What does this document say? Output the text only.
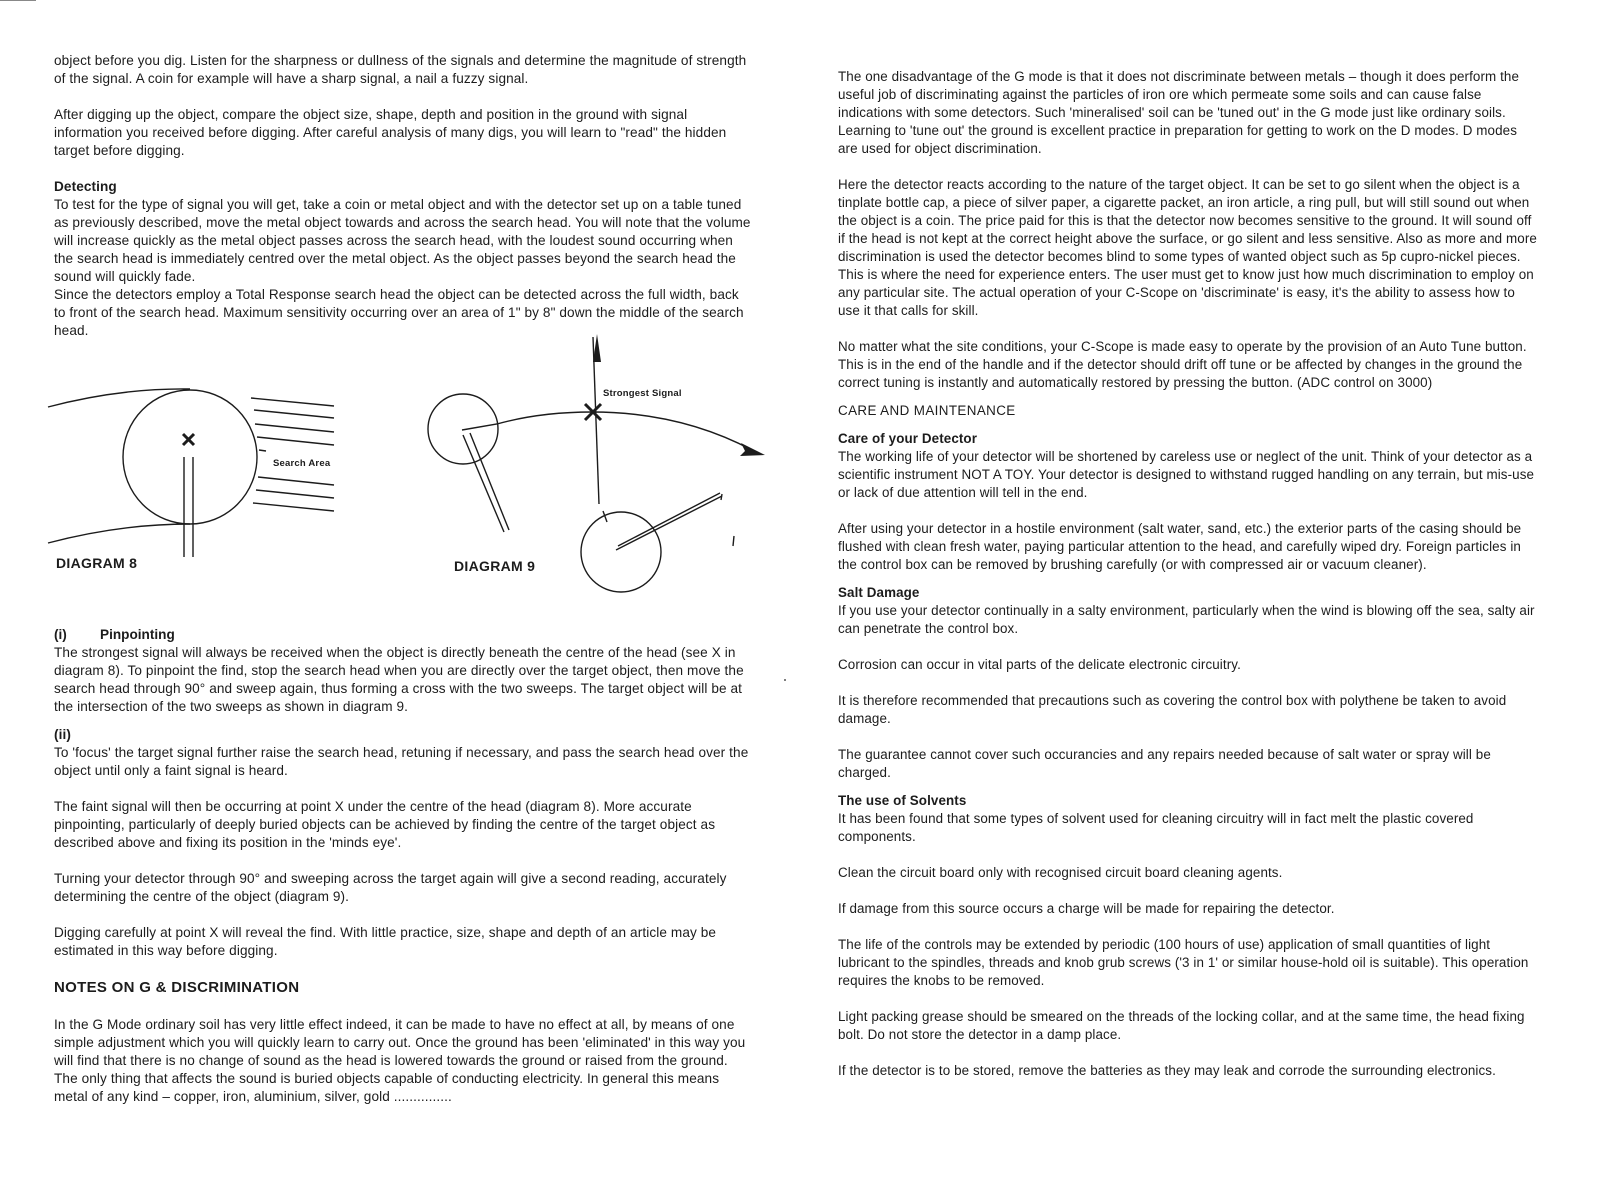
object before you dig. Listen for the sharpness or dullness of the signals and determine the magnitude of strength of the signal. A coin for example will have a sharp signal, a nail a fuzzy signal.

After digging up the object, compare the object size, shape, depth and position in the ground with signal information you received before digging. After careful analysis of many digs, you will learn to "read" the hidden target before digging.

Detecting

To test for the type of signal you will get, take a coin or metal object and with the detector set up on a table tuned as previously described, move the metal object towards and across the search head. You will note that the volume will increase quickly as the metal object passes across the search head, with the loudest sound occurring when the search head is immediately centred over the metal object. As the object passes beyond the search head the sound will quickly fade.

Since the detectors employ a Total Response search head the object can be detected across the full width, back to front of the search head. Maximum sensitivity occurring over an area of 1" by 8" down the middle of the search head.

Search Area
Strongest Signal
DIAGRAM 8	DIAGRAM 9
(i)	Pinpointing

The strongest signal will always be received when the object is directly beneath the centre of the head (see X in diagram 8). To pinpoint the find, stop the search head when you are directly over the target object, then move the search head through 90° and sweep again, thus forming a cross with the two sweeps. The target object will be at the intersection of the two sweeps as shown in diagram 9.

(ii)

To 'focus' the target signal further raise the search head, retuning if necessary, and pass the search head over the object until only a faint signal is heard.

The faint signal will then be occurring at point X under the centre of the head (diagram 8). More accurate pinpointing, particularly of deeply buried objects can be achieved by finding the centre of the target object as described above and fixing its position in the 'minds eye'.

Turning your detector through 90° and sweeping across the target again will give a second reading, accurately determining the centre of the object (diagram 9).

Digging carefully at point X will reveal the find. With little practice, size, shape and depth of an article may be estimated in this way before digging.

NOTES ON G & DISCRIMINATION

In the G Mode ordinary soil has very little effect indeed, it can be made to have no effect at all, by means of one simple adjustment which you will quickly learn to carry out. Once the ground has been 'eliminated' in this way you will find that there is no change of sound as the head is lowered towards the ground or raised from the ground. The only thing that affects the sound is buried objects capable of conducting electricity. In general this means metal of any kind – copper, iron, aluminium, silver, gold ...............

The one disadvantage of the G mode is that it does not discriminate between metals – though it does perform the useful job of discriminating against the particles of iron ore which permeate some soils and can cause false indications with some detectors. Such 'mineralised' soil can be 'tuned out' in the G mode just like ordinary soils. Learning to 'tune out' the ground is excellent practice in preparation for getting to work on the D modes. D modes are used for object discrimination.

Here the detector reacts according to the nature of the target object. It can be set to go silent when the object is a tinplate bottle cap, a piece of silver paper, a cigarette packet, an iron article, a ring pull, but will still sound out when the object is a coin. The price paid for this is that the detector now becomes sensitive to the ground. It will sound off if the head is not kept at the correct height above the surface, or go silent and less sensitive. Also as more and more discrimination is used the detector becomes blind to some types of wanted object such as 5p cupro-nickel pieces. This is where the need for experience enters. The user must get to know just how much discrimination to employ on any particular site. The actual operation of your C-Scope on 'discriminate' is easy, it's the ability to assess how to use it that calls for skill.

No matter what the site conditions, your C-Scope is made easy to operate by the provision of an Auto Tune button. This is in the end of the handle and if the detector should drift off tune or be affected by changes in the ground the correct tuning is instantly and automatically restored by pressing the button. (ADC control on 3000)

CARE AND MAINTENANCE

Care of your Detector

The working life of your detector will be shortened by careless use or neglect of the unit. Think of your detector as a scientific instrument NOT A TOY. Your detector is designed to withstand rugged handling on any terrain, but mis-use or lack of due attention will tell in the end.

After using your detector in a hostile environment (salt water, sand, etc.) the exterior parts of the casing should be flushed with clean fresh water, paying particular attention to the head, and carefully wiped dry. Foreign particles in the control box can be removed by brushing carefully (or with compressed air or vacuum cleaner).

Salt Damage

If you use your detector continually in a salty environment, particularly when the wind is blowing off the sea, salty air can penetrate the control box.

Corrosion can occur in vital parts of the delicate electronic circuitry.

It is therefore recommended that precautions such as covering the control box with polythene be taken to avoid damage.

The guarantee cannot cover such occurancies and any repairs needed because of salt water or spray will be charged.

The use of Solvents

It has been found that some types of solvent used for cleaning circuitry will in fact melt the plastic covered components.

Clean the circuit board only with recognised circuit board cleaning agents.

If damage from this source occurs a charge will be made for repairing the detector.

The life of the controls may be extended by periodic (100 hours of use) application of small quantities of light lubricant to the spindles, threads and knob grub screws ('3 in 1' or similar house-hold oil is suitable). This operation requires the knobs to be removed.

Light packing grease should be smeared on the threads of the locking collar, and at the same time, the head fixing bolt. Do not store the detector in a damp place.

If the detector is to be stored, remove the batteries as they may leak and corrode the surrounding electronics.
